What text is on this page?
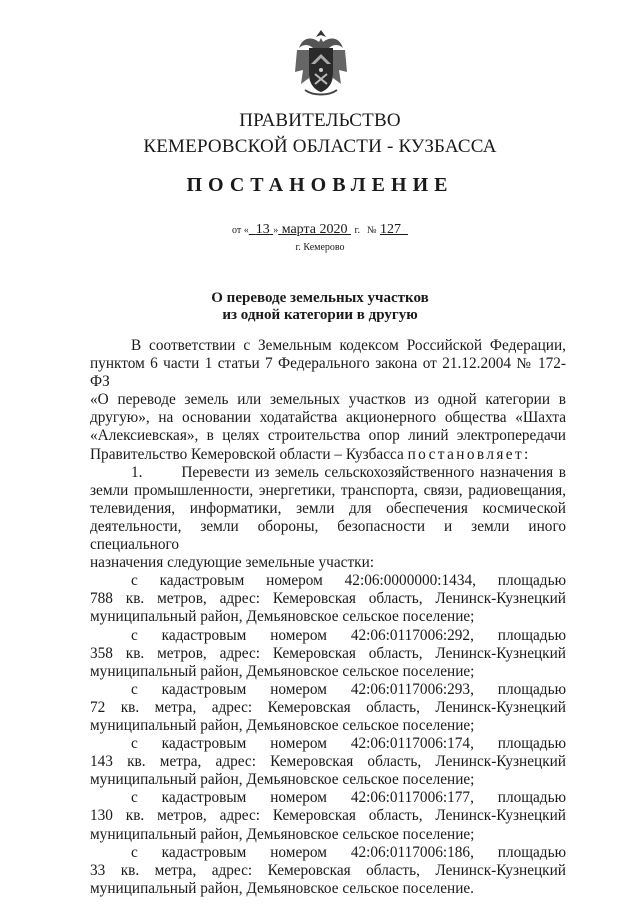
ПРАВИТЕЛЬСТВО
КЕМЕРОВСКОЙ ОБЛАСТИ - КУЗБАССА
ПОСТАНОВЛЕНИЕ
от « 13 » марта 2020 г. № 127
г. Кемерово
О переводе земельных участков
из одной категории в другую
В соответствии с Земельным кодексом Российской Федерации,
пунктом 6 части 1 статьи 7 Федерального закона от 21.12.2004 № 172-ФЗ
«О переводе земель или земельных участков из одной категории в
другую», на основании ходатайства акционерного общества «Шахта
«Алексиевская», в целях строительства опор линий электропередачи
Правительство Кемеровской области – Кузбасса постановляет:
1.	Перевести из земель сельскохозяйственного назначения в
земли промышленности, энергетики, транспорта, связи, радиовещания,
телевидения, информатики, земли для обеспечения космической
деятельности, земли обороны, безопасности и земли иного специального
назначения следующие земельные участки:
с кадастровым номером 42:06:0000000:1434, площадью
788 кв. метров, адрес: Кемеровская область, Ленинск-Кузнецкий
муниципальный район, Демьяновское сельское поселение;
с кадастровым номером 42:06:0117006:292, площадью
358 кв. метров, адрес: Кемеровская область, Ленинск-Кузнецкий
муниципальный район, Демьяновское сельское поселение;
с кадастровым номером 42:06:0117006:293, площадью
72 кв. метра, адрес: Кемеровская область, Ленинск-Кузнецкий
муниципальный район, Демьяновское сельское поселение;
с кадастровым номером 42:06:0117006:174, площадью
143 кв. метра, адрес: Кемеровская область, Ленинск-Кузнецкий
муниципальный район, Демьяновское сельское поселение;
с кадастровым номером 42:06:0117006:177, площадью
130 кв. метров, адрес: Кемеровская область, Ленинск-Кузнецкий
муниципальный район, Демьяновское сельское поселение;
с кадастровым номером 42:06:0117006:186, площадью
33 кв. метра, адрес: Кемеровская область, Ленинск-Кузнецкий
муниципальный район, Демьяновское сельское поселение.
